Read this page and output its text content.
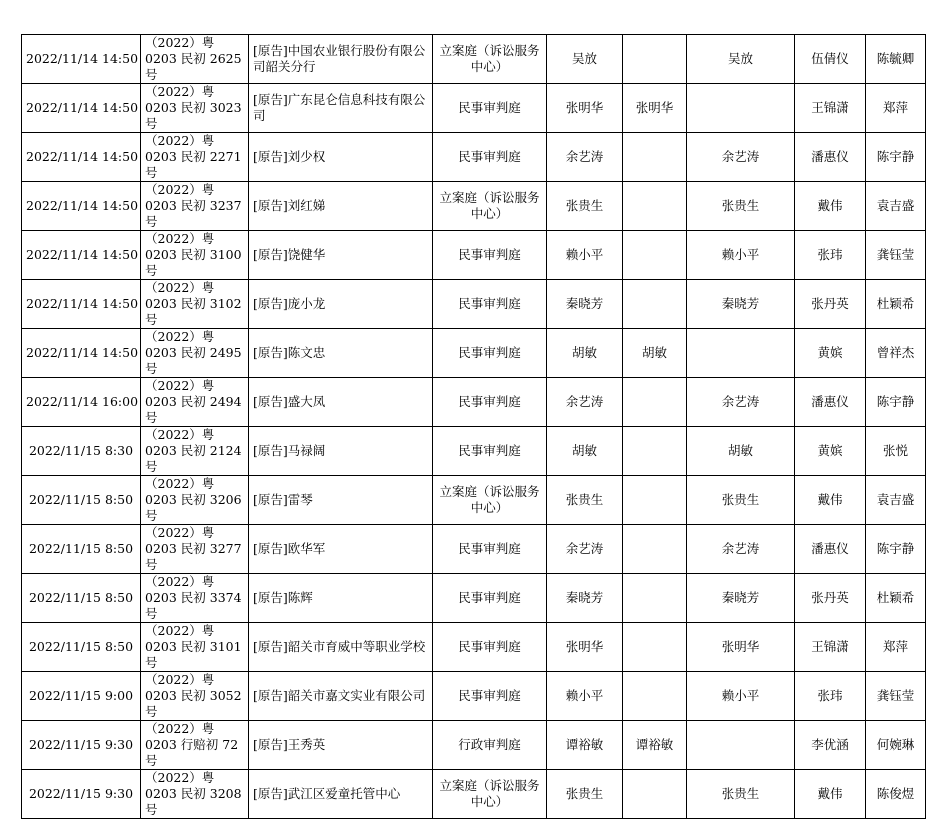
2022/11/14 14:50	（2022）粤 0203 民初 2625 号	[原告]中国农业银行股份有限公司韶关分行	立案庭（诉讼服务中心）	吴放		吴放	伍倩仪	陈毓卿
2022/11/14 14:50	（2022）粤 0203 民初 3023 号	[原告]广东昆仑信息科技有限公司	民事审判庭	张明华	张明华		王锦潇	郑萍
2022/11/14 14:50	（2022）粤 0203 民初 2271 号	[原告]刘少权	民事审判庭	余艺涛		余艺涛	潘惠仪	陈宇静
2022/11/14 14:50	（2022）粤 0203 民初 3237 号	[原告]刘红娣	立案庭（诉讼服务中心）	张贵生		张贵生	戴伟	袁吉盛
2022/11/14 14:50	（2022）粤 0203 民初 3100 号	[原告]饶健华	民事审判庭	赖小平		赖小平	张玮	龚钰莹
2022/11/14 14:50	（2022）粤 0203 民初 3102 号	[原告]庞小龙	民事审判庭	秦晓芳		秦晓芳	张丹英	杜颖希
2022/11/14 14:50	（2022）粤 0203 民初 2495 号	[原告]陈文忠	民事审判庭	胡敏	胡敏		黄嫔	曾祥杰
2022/11/14 16:00	（2022）粤 0203 民初 2494 号	[原告]盛大凤	民事审判庭	余艺涛		余艺涛	潘惠仪	陈宇静
2022/11/15 8:30	（2022）粤 0203 民初 2124 号	[原告]马禄阔	民事审判庭	胡敏		胡敏	黄嫔	张悦
2022/11/15 8:50	（2022）粤 0203 民初 3206 号	[原告]雷琴	立案庭（诉讼服务中心）	张贵生		张贵生	戴伟	袁吉盛
2022/11/15 8:50	（2022）粤 0203 民初 3277 号	[原告]欧华军	民事审判庭	余艺涛		余艺涛	潘惠仪	陈宇静
2022/11/15 8:50	（2022）粤 0203 民初 3374 号	[原告]陈辉	民事审判庭	秦晓芳		秦晓芳	张丹英	杜颖希
2022/11/15 8:50	（2022）粤 0203 民初 3101 号	[原告]韶关市育威中等职业学校	民事审判庭	张明华		张明华	王锦潇	郑萍
2022/11/15 9:00	（2022）粤 0203 民初 3052 号	[原告]韶关市嘉文实业有限公司	民事审判庭	赖小平		赖小平	张玮	龚钰莹
2022/11/15 9:30	（2022）粤 0203 行赔初 72 号	[原告]王秀英	行政审判庭	谭裕敏	谭裕敏		李优涵	何婉琳
2022/11/15 9:30	（2022）粤 0203 民初 3208 号	[原告]武江区爱童托管中心	立案庭（诉讼服务中心）	张贵生		张贵生	戴伟	陈俊煜
